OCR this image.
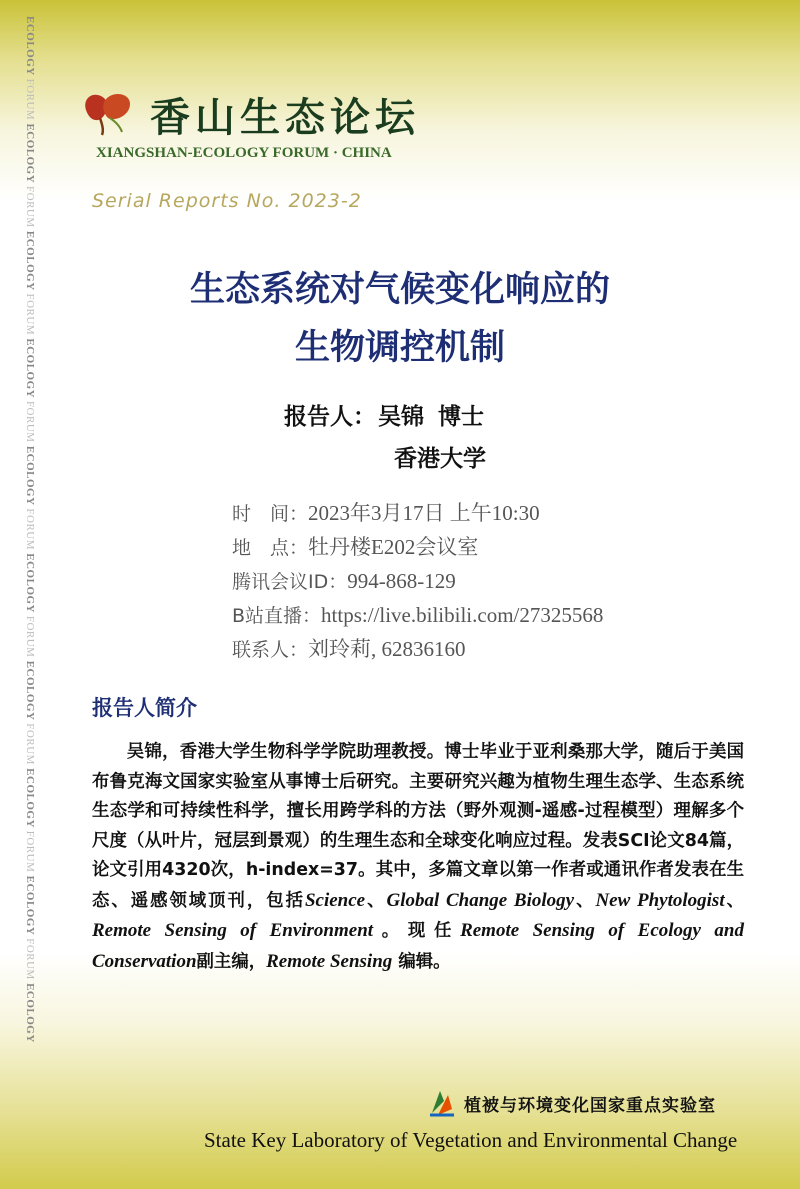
ECOLOGY FORUM ECOLOGY FORUM ECOLOGY FORUM ECOLOGY FORUM ECOLOGY FORUM ECOLOGY FORUM ECOLOGY FORUM ECOLOGY FORUM ECOLOGY FORUM ECOLOGY
香山生态论坛
XIANGSHAN-ECOLOGY FORUM · CHINA
Serial Reports No. 2023-2
生态系统对气候变化响应的
生物调控机制
报告人：吴锦 博士
香港大学
时　间：2023年3月17日 上午10:30
地　点：牡丹楼E202会议室
腾讯会议ID：994-868-129
B站直播：https://live.bilibili.com/27325568
联系人：刘玲莉, 62836160
报告人简介

吴锦，香港大学生物科学学院助理教授。博士毕业于亚利桑那大学，随后于美国布鲁克海文国家实验室从事博士后研究。主要研究兴趣为植物生理生态学、生态系统生态学和可持续性科学，擅长用跨学科的方法（野外观测-遥感-过程模型）理解多个尺度（从叶片，冠层到景观）的生理生态和全球变化响应过程。发表SCI论文84篇，论文引用4320次，h-index=37。其中，多篇文章以第一作者或通讯作者发表在生态、遥感领域顶刊，包括Science、Global Change Biology、New Phytologist、Remote Sensing of Environment。现任Remote Sensing of Ecology and Conservation副主编，Remote Sensing 编辑。

植被与环境变化国家重点实验室
State Key Laboratory of Vegetation and Environmental Change
